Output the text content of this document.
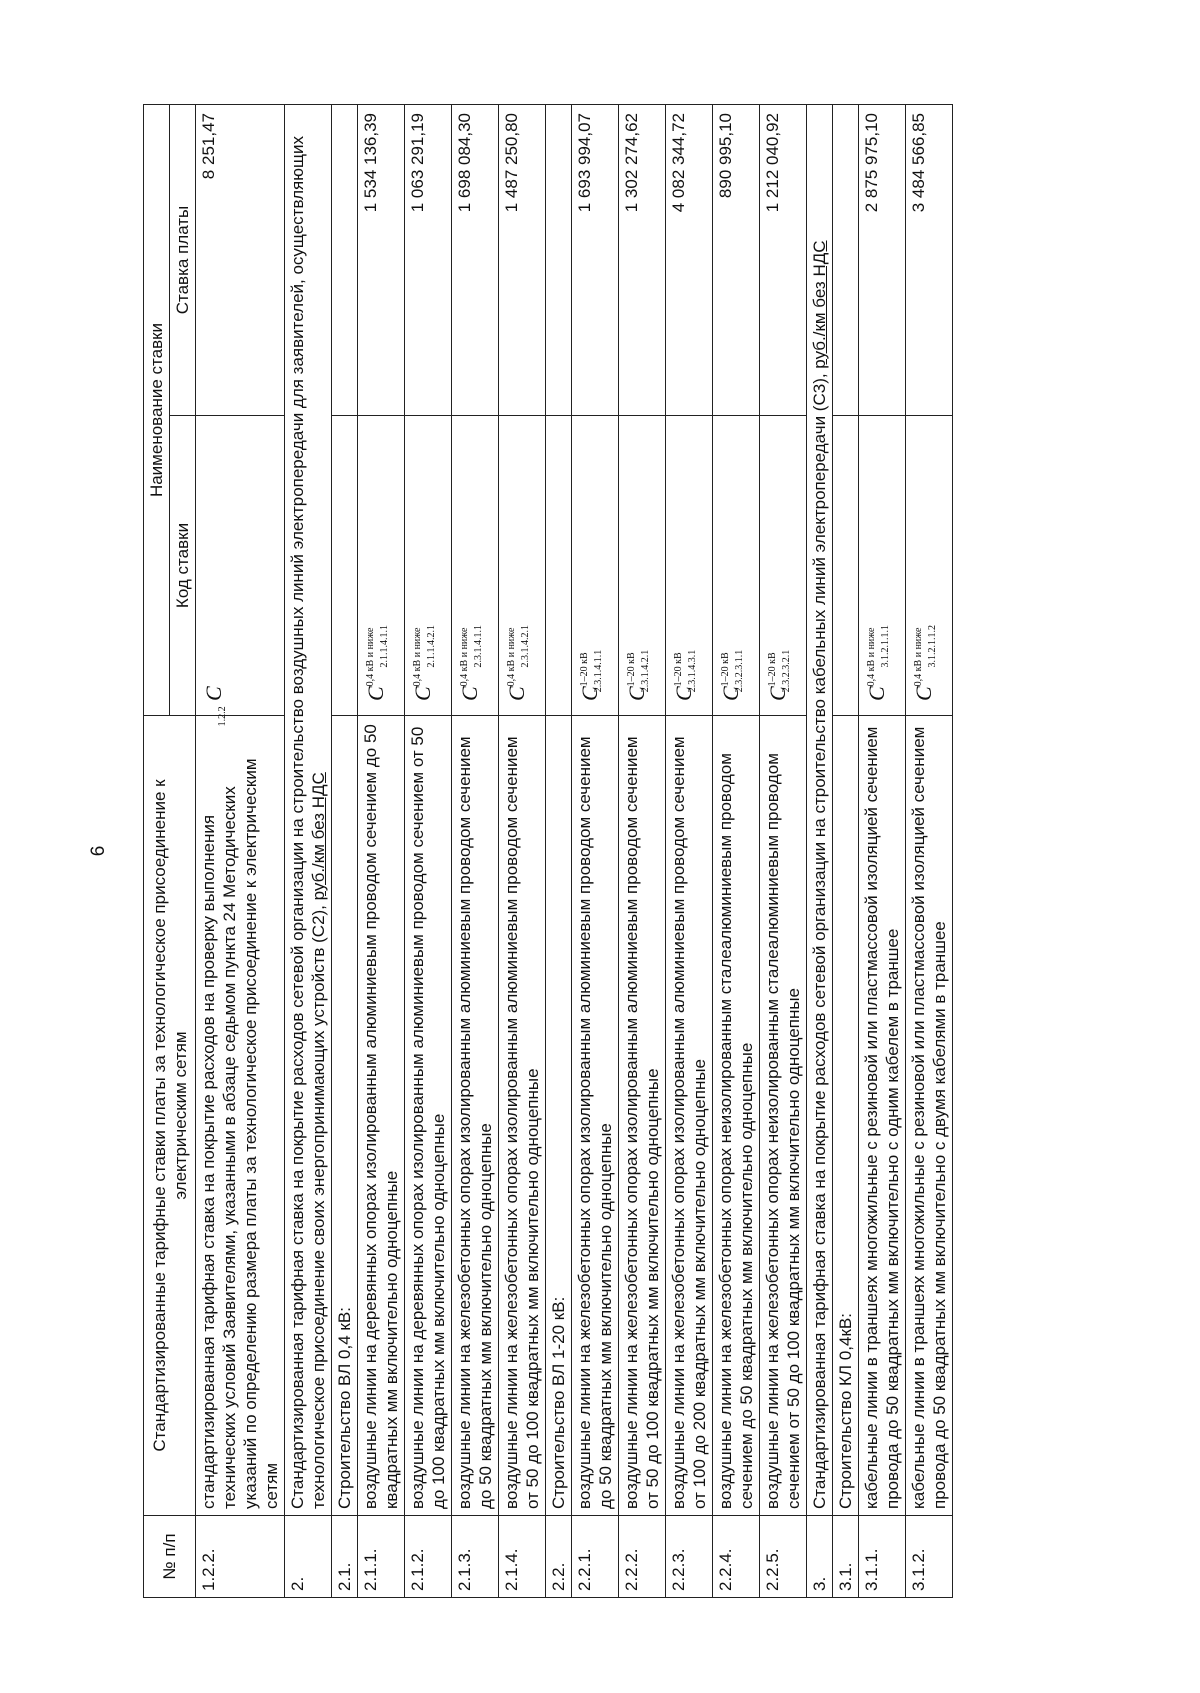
6
№ п/п	Стандартизированные тарифные ставки платы за технологическое присоединение к электрическим сетям	Наименование ставки	
		Код ставки	Ставка платы
1.2.2.	стандартизированная тарифная ставка на покрытие расходов на проверку выполнения технических условий Заявителями, указанными в абзаце седьмом пункта 24 Методических указаний по определению размера платы за технологическое присоединение к электрическим сетям	$C_{1.2.2}$	8 251,47
2.	Стандартизированная тарифная ставка на покрытие расходов сетевой организации на строительство воздушных линий электропередачи для заявителей, осуществляющих технологическое присоединение своих энергопринимающих устройств (С2), руб./км без НДС		
2.1.	Строительство ВЛ 0,4 кВ:		
2.1.1.	воздушные линии на деревянных опорах изолированным алюминиевым проводом сечением до 50 квадратных мм включительно одноцепные	$C^{0,4 кВ и ниже}$ $_{2.1.1.4.1.1}$	1 534 136,39
2.1.2.	воздушные линии на деревянных опорах изолированным алюминиевым проводом сечением от 50 до 100 квадратных мм включительно одноцепные	$C^{0,4 кВ и ниже}$ $_{2.1.1.4.2.1}$	1 063 291,19
2.1.3.	воздушные линии на железобетонных опорах изолированным алюминиевым проводом сечением до 50 квадратных мм включительно одноцепные	$C^{0,4 кВ и ниже}$ $_{2.3.1.4.1.1}$	1 698 084,30
2.1.4.	воздушные линии на железобетонных опорах изолированным алюминиевым проводом сечением от 50 до 100 квадратных мм включительно одноцепные	$C^{0,4 кВ и ниже}$ $_{2.3.1.4.2.1}$	1 487 250,80
2.2.	Строительство ВЛ 1-20 кВ:		
2.2.1.	воздушные линии на железобетонных опорах изолированным алюминиевым проводом сечением до 50 квадратных мм включительно одноцепные	$C^{1-20 кВ}$ $_{2.3.1.4.1.1}$	1 693 994,07
2.2.2.	воздушные линии на железобетонных опорах изолированным алюминиевым проводом сечением от 50 до 100 квадратных мм включительно одноцепные	$C^{1-20 кВ}$ $_{2.3.1.4.2.1}$	1 302 274,62
2.2.3.	воздушные линии на железобетонных опорах изолированным алюминиевым проводом сечением от 100 до 200 квадратных мм включительно одноцепные	$C^{1-20 кВ}$ $_{2.3.1.4.3.1}$	4 082 344,72
2.2.4.	воздушные линии на железобетонных опорах неизолированным сталеалюминиевым проводом сечением до 50 квадратных мм включительно одноцепные	$C^{1-20 кВ}$ $_{2.3.2.3.1.1}$	890 995,10
2.2.5.	воздушные линии на железобетонных опорах неизолированным сталеалюминиевым проводом сечением от 50 до 100 квадратных мм включительно одноцепные	$C^{1-20 кВ}$ $_{2.3.2.3.2.1}$	1 212 040,92
3.	Стандартизированная тарифная ставка на покрытие расходов сетевой организации на строительство кабельных линий электропередачи (С3), руб./км без НДС		
3.1.	Строительство КЛ 0,4кВ:		
3.1.1.	кабельные линии в траншеях многожильные с резиновой или пластмассовой изоляцией сечением провода до 50 квадратных мм включительно с одним кабелем в траншее	$C^{0,4 кВ и ниже}$ $_{3.1.2.1.1.1}$	2 875 975,10
3.1.2.	кабельные линии в траншеях многожильные с резиновой или пластмассовой изоляцией сечением провода до 50 квадратных мм включительно с двумя кабелями в траншее	$C^{0,4 кВ и ниже}$ $_{3.1.2.1.1.2}$	3 484 566,85
